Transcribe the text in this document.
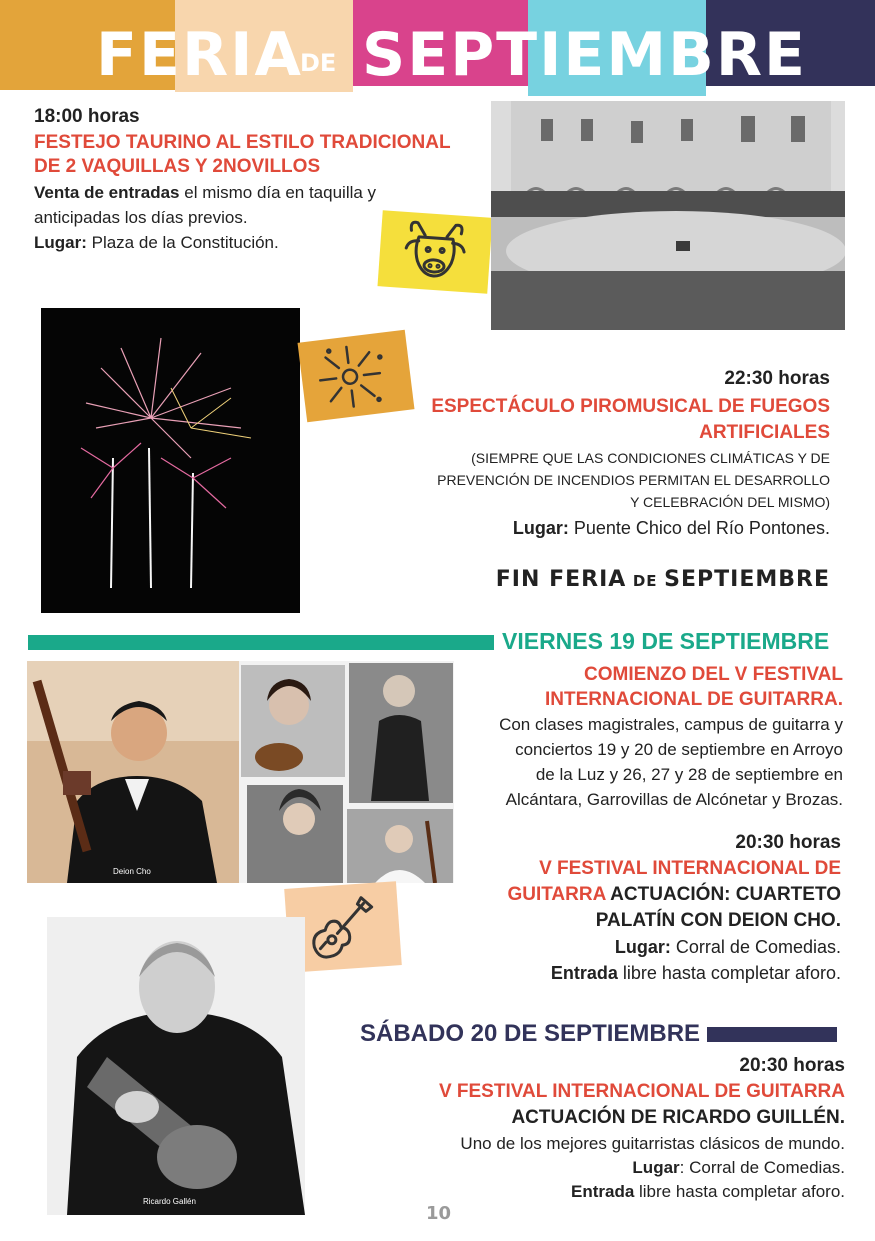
FERIA
DE SEPTIEMBRE
18:00 horas
FESTEJO TAURINO AL ESTILO TRADICIONAL
DE 2 VAQUILLAS Y 2NOVILLOS
Venta de entradas el mismo día en taquilla y
anticipadas los días previos.
Lugar: Plaza de la Constitución.
22:30 horas
ESPECTÁCULO PIROMUSICAL DE FUEGOS
ARTIFICIALES
(SIEMPRE QUE LAS CONDICIONES CLIMÁTICAS Y DE
PREVENCIÓN DE INCENDIOS PERMITAN EL DESARROLLO
Y CELEBRACIÓN DEL MISMO)
Lugar: Puente Chico del Río Pontones.
FIN FERIA DE SEPTIEMBRE
VIERNES 19 DE SEPTIEMBRE
Deion Cho
COMIENZO DEL V FESTIVAL
INTERNACIONAL DE GUITARRA.
Con clases magistrales, campus de guitarra y
conciertos 19 y 20 de septiembre en Arroyo
de la Luz y 26, 27 y 28 de septiembre en
Alcántara, Garrovillas de Alcónetar y Brozas.
20:30 horas
V FESTIVAL INTERNACIONAL DE
GUITARRA ACTUACIÓN: CUARTETO
PALATÍN CON DEION CHO.
Lugar: Corral de Comedias.
Entrada libre hasta completar aforo.
Ricardo Gallén
SÁBADO 20 DE SEPTIEMBRE
20:30 horas
V FESTIVAL INTERNACIONAL DE GUITARRA
ACTUACIÓN DE RICARDO GUILLÉN.
Uno de los mejores guitarristas clásicos de mundo.
Lugar: Corral de Comedias.
Entrada libre hasta completar aforo.
10
